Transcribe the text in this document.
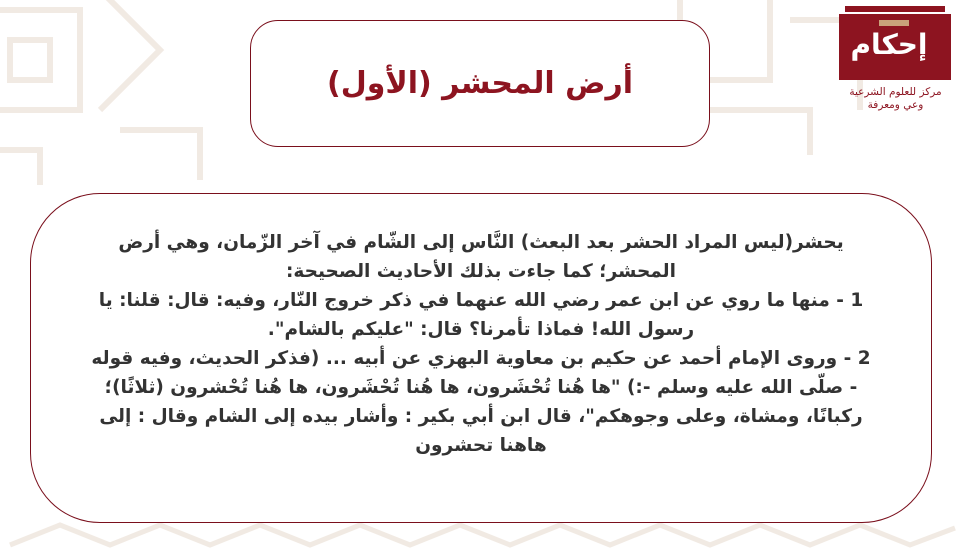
أرض المحشر (الأول)
إحكام
مركز للعلوم الشرعية
وعي ومعرفة

يحشر(ليس المراد الحشر بعد البعث) النَّاس إلى الشّام في آخر الزّمان، وهي أرض المحشر؛ كما جاءت بذلك الأحاديث الصحيحة:

1 - منها ما روي عن ابن عمر رضي الله عنهما في ذكر خروج النّار، وفيه: قال: قلنا: يا رسول الله! فماذا تأمرنا؟ قال: "عليكم بالشام".

2 - وروى الإمام أحمد عن حكيم بن معاوية البهزي عن أبيه ... (فذكر الحديث، وفيه قوله - صلّى الله عليه وسلم -:) "ها هُنا تُحْشَرون، ها هُنا تُحْشَرون، ها هُنا تُحْشرون (ثلاثًا)؛ ركبانًا، ومشاة، وعلى وجوهكم"، قال ابن أبي بكير : وأشار بيده إلى الشام وقال : إلى هاهنا تحشرون
